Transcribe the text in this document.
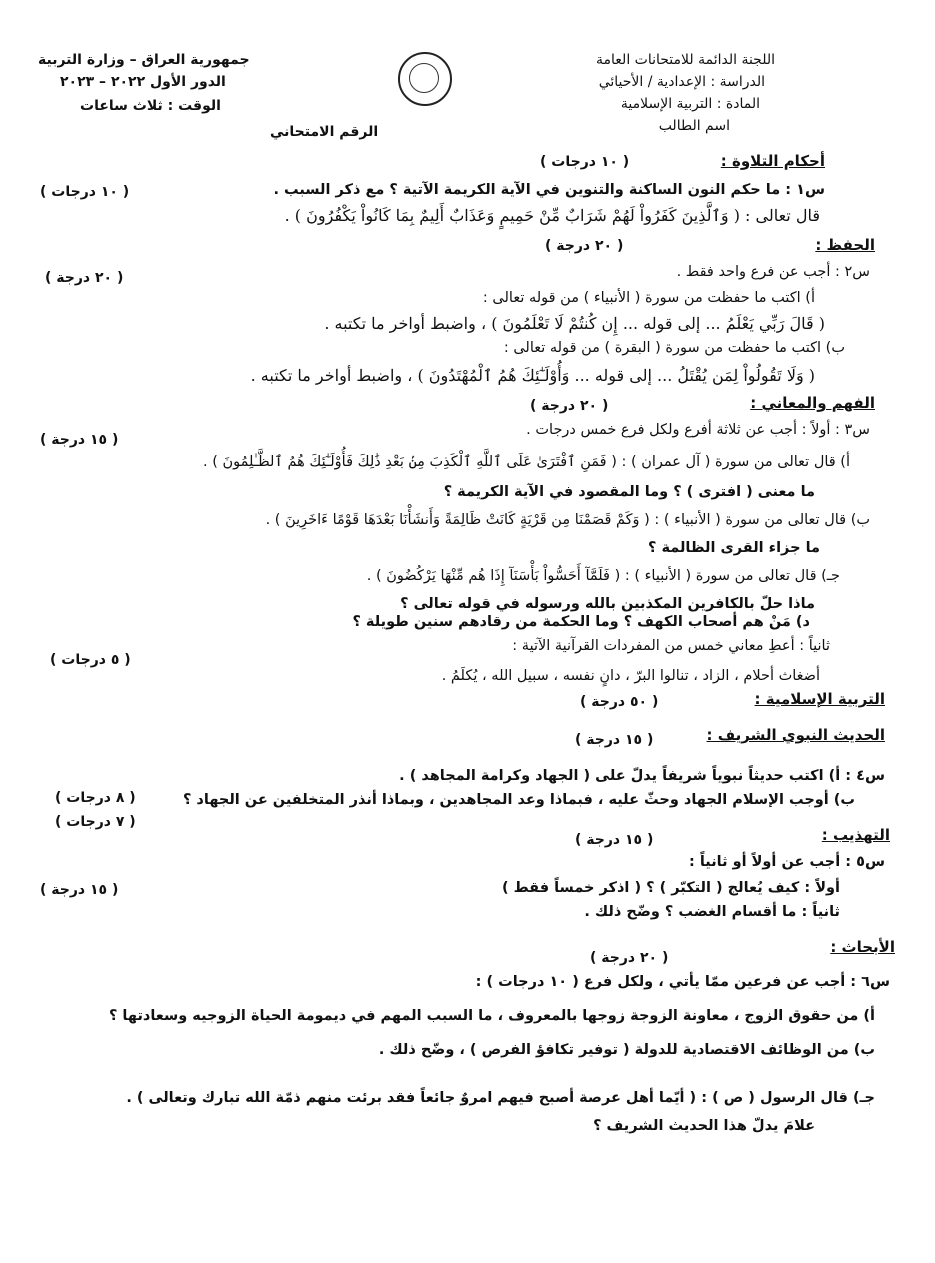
اللجنة الدائمة للامتحانات العامة
الدراسة : الإعدادية / الأحيائي
المادة : التربية الإسلامية
اسم الطالب
جمهورية العراق – وزارة التربية
الدور الأول ٢٠٢٢ – ٢٠٢٣
الوقت : ثلاث ساعات
الرقم الامتحاني
أحكام التلاوة :
( ١٠ درجات )
س١ : ما حكم النون الساكنة والتنوين في الآية الكريمة الآتية ؟ مع ذكر السبب .
( ١٠ درجات )
قال تعالى : ( وَٱلَّذِينَ كَفَرُواْ لَهُمْ شَرَابٌ مِّنْ حَمِيمٍ وَعَذَابٌ أَلِيمٌ بِمَا كَانُواْ يَكْفُرُونَ ) .
الحفظ :
( ٢٠ درجة )
س٢ : أجب عن فرع واحد فقط .
( ٢٠ درجة )
أ) اكتب ما حفظت من سورة ( الأنبياء ) من قوله تعالى :
( قَالَ رَبِّي يَعْلَمُ ... إلى قوله ... إِن كُنتُمْ لَا تَعْلَمُونَ ) ، واضبط أواخر ما تكتبه .
ب) اكتب ما حفظت من سورة ( البقرة ) من قوله تعالى :
( وَلَا تَقُولُواْ لِمَن يُقْتَلُ ... إلى قوله ... وَأُوْلَـٰٓئِكَ هُمُ ٱلْمُهْتَدُونَ ) ، واضبط أواخر ما تكتبه .
الفهم والمعاني :
( ٢٠ درجة )
س٣ : أولاً : أجب عن ثلاثة أفرع ولكل فرع خمس درجات .
( ١٥ درجة )
أ) قال تعالى من سورة ( آل عمران ) : ( فَمَنِ ٱفْتَرَىٰ عَلَى ٱللَّهِ ٱلْكَذِبَ مِنۢ بَعْدِ ذَٰلِكَ فَأُوْلَـٰٓئِكَ هُمُ ٱلظَّـٰلِمُونَ ) .
ما معنى ( افترى ) ؟ وما المقصود في الآية الكريمة ؟
ب) قال تعالى من سورة ( الأنبياء ) : ( وَكَمْ قَصَمْنَا مِن قَرْيَةٍ كَانَتْ ظَالِمَةً وَأَنشَأْنَا بَعْدَهَا قَوْمًا ءَاخَرِينَ ) .
ما جزاء القرى الظالمة ؟
جـ) قال تعالى من سورة ( الأنبياء ) : ( فَلَمَّآ أَحَسُّواْ بَأْسَنَآ إِذَا هُم مِّنْهَا يَرْكُضُونَ ) .
ماذا حلّ بالكافرين المكذبين بالله ورسوله في قوله تعالى ؟
د) مَنْ هم أصحاب الكهف ؟ وما الحكمة من رقادهم سنين طويلة ؟
ثانياً : أعطِ معاني خمس من المفردات القرآنية الآتية :
( ٥ درجات )
أضغاث أحلام ، الزاد ، تنالوا البرّ ، دانٍ نفسه ، سبيل الله ، يُكلَمُ .
التربية الإسلامية :
( ٥٠ درجة )
الحديث النبوي الشريف :
( ١٥ درجة )
س٤ : أ) اكتب حديثاً نبوياً شريفاً يدلّ على ( الجهاد وكرامة المجاهد ) .
( ٨ درجات )	ب) أوجب الإسلام الجهاد وحثّ عليه ، فبماذا وعد المجاهدين ، وبماذا أنذر المتخلفين عن الجهاد ؟
( ٧ درجات )
التهذيب :
( ١٥ درجة )
س٥ : أجب عن أولاً أو ثانياً :
( ١٥ درجة )	أولاً : كيف يُعالج ( التكبّر ) ؟ ( اذكر خمساً فقط )
ثانياً : ما أقسام الغضب ؟ وضّح ذلك .
الأبحاث :
( ٢٠ درجة )
س٦ : أجب عن فرعين ممّا يأتي ، ولكل فرع ( ١٠ درجات ) :
أ) من حقوق الزوج ، معاونة الزوجة زوجها بالمعروف ، ما السبب المهم في ديمومة الحياة الزوجيه وسعادتها ؟
ب) من الوظائف الاقتصادية للدولة ( توفير تكافؤ الفرص ) ، وضّح ذلك .
جـ) قال الرسول ( ص ) : ( أيّما أهل عرصة أصبح فيهم امروٌ جائعاً فقد برئت منهم ذمّة الله تبارك وتعالى ) .
علامَ يدلّ هذا الحديث الشريف ؟
